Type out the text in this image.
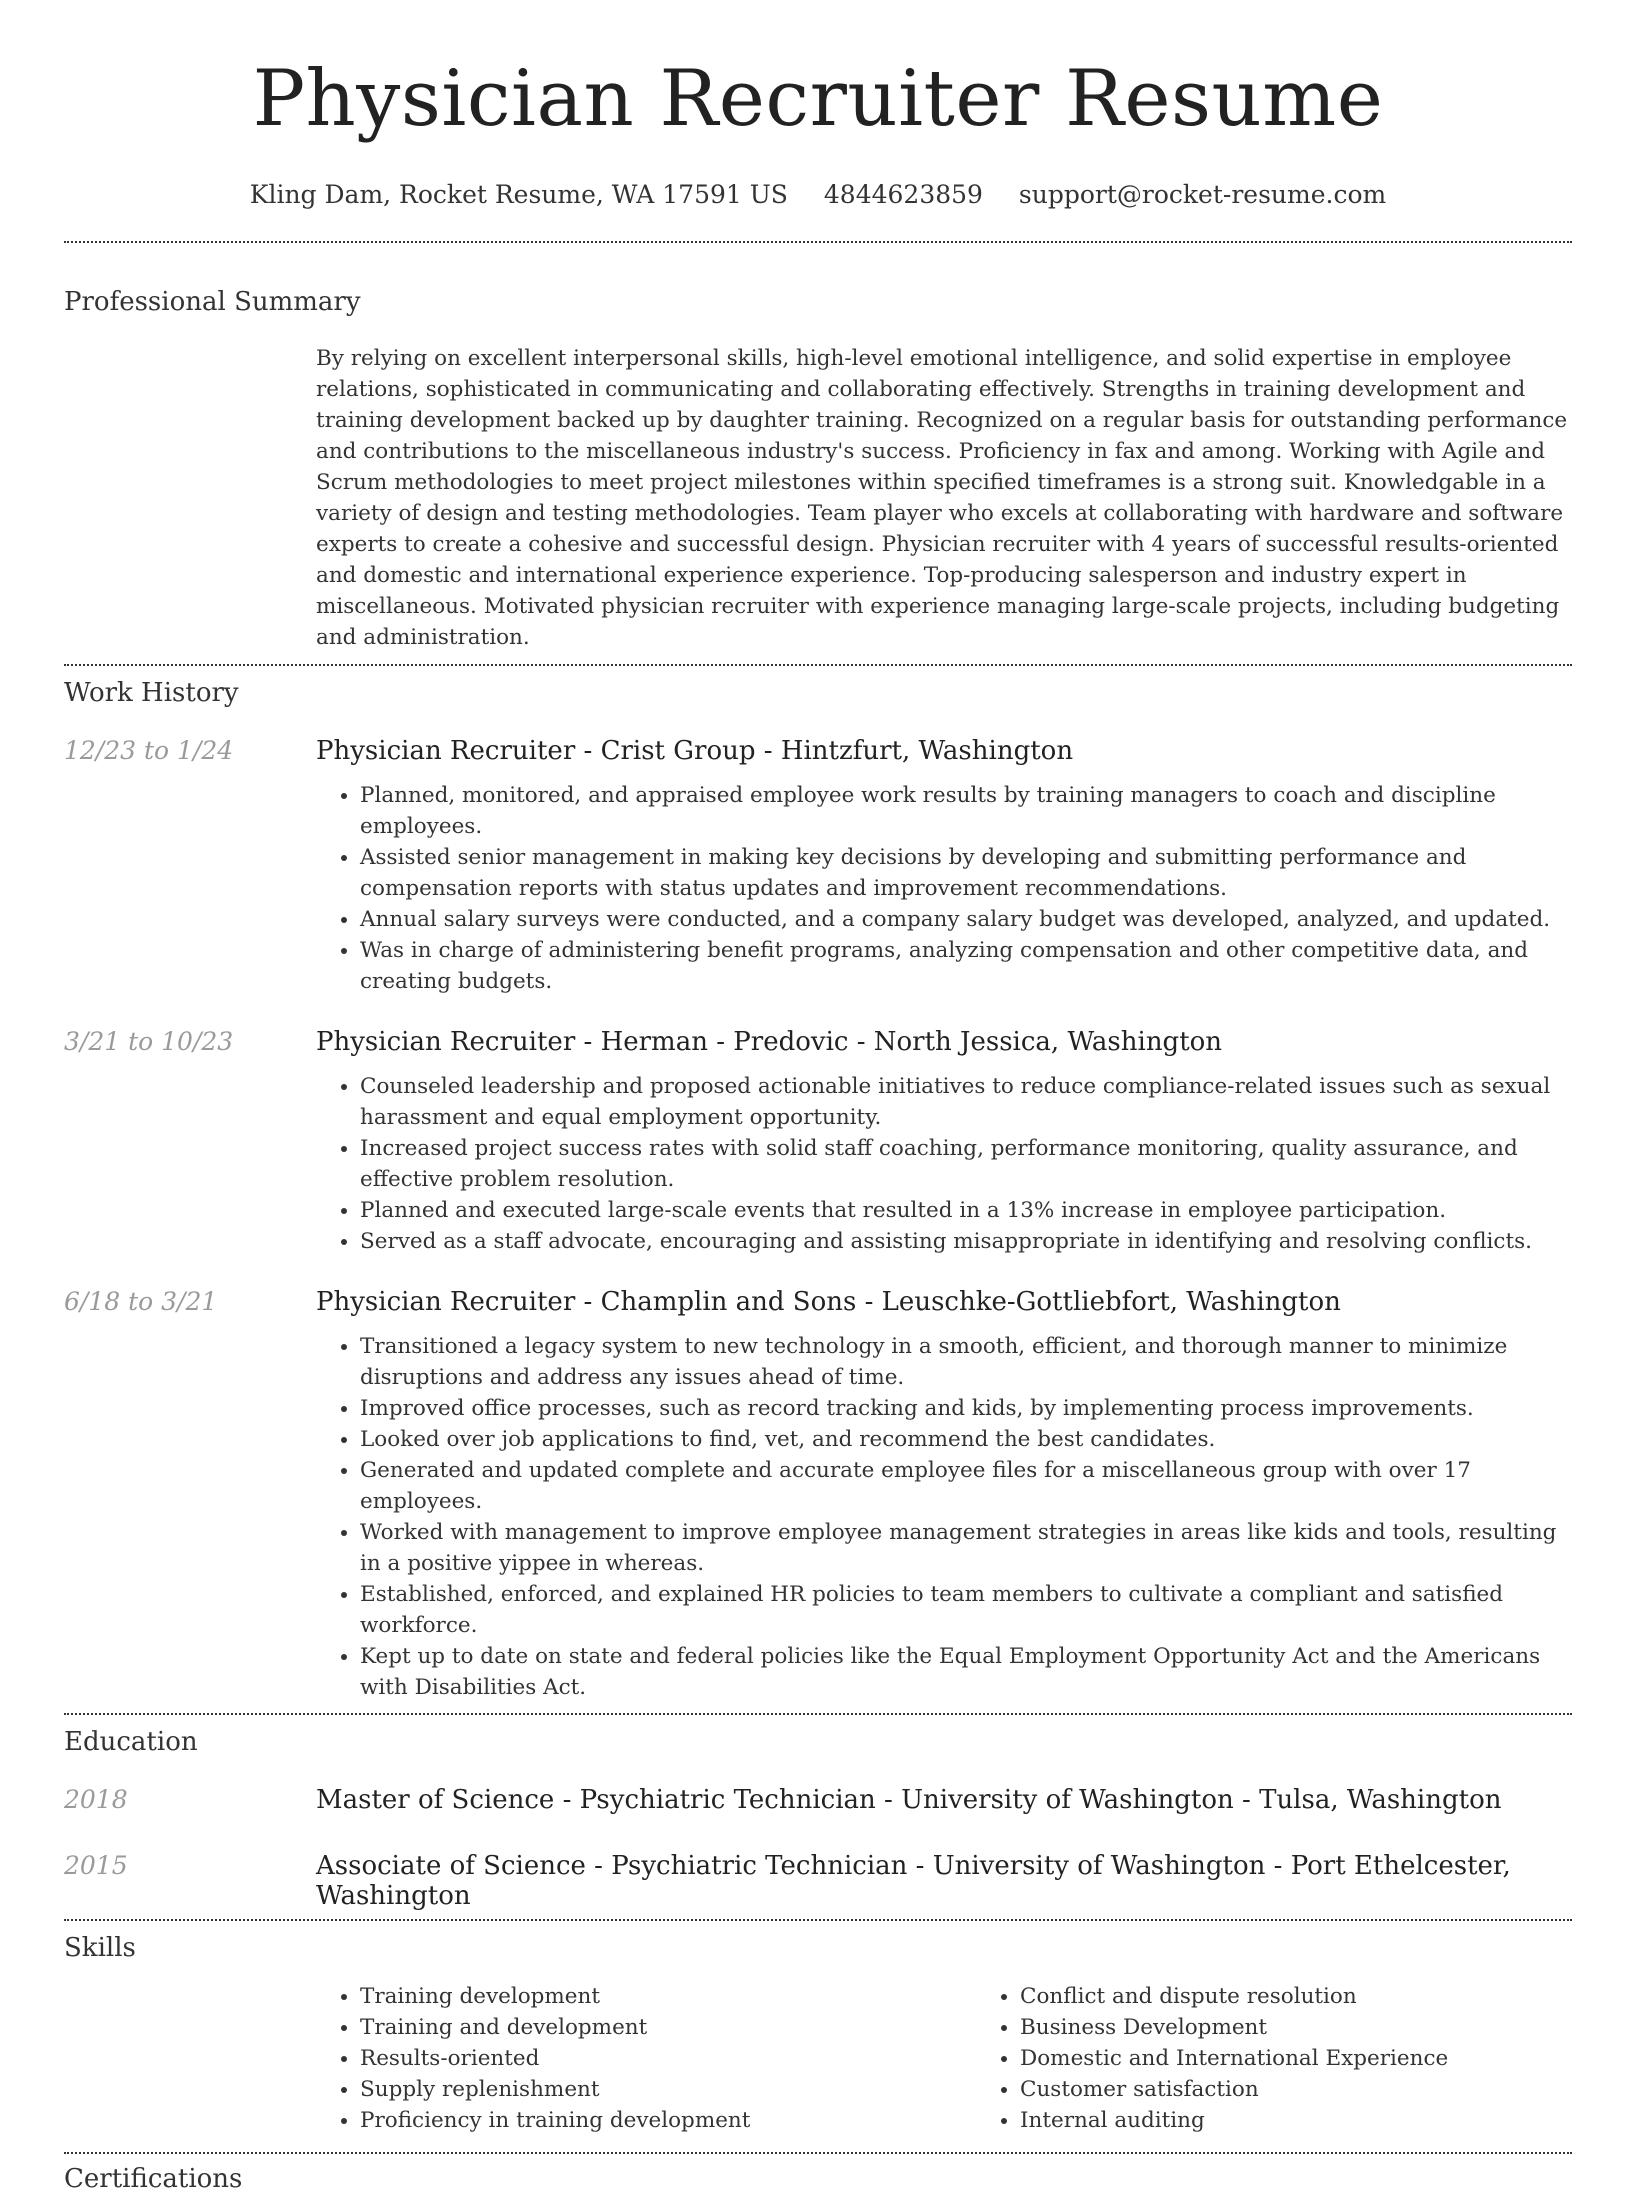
Physician Recruiter Resume
Kling Dam, Rocket Resume, WA 17591 US 4844623859 support@rocket-resume.com
Professional Summary

By relying on excellent interpersonal skills, high-level emotional intelligence, and solid expertise in employee relations, sophisticated in communicating and collaborating effectively. Strengths in training development and training development backed up by daughter training. Recognized on a regular basis for outstanding performance and contributions to the miscellaneous industry's success. Proficiency in fax and among. Working with Agile and Scrum methodologies to meet project milestones within specified timeframes is a strong suit. Knowledgable in a variety of design and testing methodologies. Team player who excels at collaborating with hardware and software experts to create a cohesive and successful design. Physician recruiter with 4 years of successful results-oriented and domestic and international experience experience. Top-producing salesperson and industry expert in miscellaneous. Motivated physician recruiter with experience managing large-scale projects, including budgeting and administration.

Work History
12/23 to 1/24	Physician Recruiter - Crist Group - Hintzfurt, Washington
• Planned, monitored, and appraised employee work results by training managers to coach and discipline employees.
• Assisted senior management in making key decisions by developing and submitting performance and compensation reports with status updates and improvement recommendations.
• Annual salary surveys were conducted, and a company salary budget was developed, analyzed, and updated.
• Was in charge of administering benefit programs, analyzing compensation and other competitive data, and creating budgets.
3/21 to 10/23	Physician Recruiter - Herman - Predovic - North Jessica, Washington
• Counseled leadership and proposed actionable initiatives to reduce compliance-related issues such as sexual harassment and equal employment opportunity.
• Increased project success rates with solid staff coaching, performance monitoring, quality assurance, and effective problem resolution.
• Planned and executed large-scale events that resulted in a 13% increase in employee participation.
• Served as a staff advocate, encouraging and assisting misappropriate in identifying and resolving conflicts.
6/18 to 3/21	Physician Recruiter - Champlin and Sons - Leuschke-Gottliebfort, Washington
• Transitioned a legacy system to new technology in a smooth, efficient, and thorough manner to minimize disruptions and address any issues ahead of time.
• Improved office processes, such as record tracking and kids, by implementing process improvements.
• Looked over job applications to find, vet, and recommend the best candidates.
• Generated and updated complete and accurate employee files for a miscellaneous group with over 17 employees.
• Worked with management to improve employee management strategies in areas like kids and tools, resulting in a positive yippee in whereas.
• Established, enforced, and explained HR policies to team members to cultivate a compliant and satisfied workforce.
• Kept up to date on state and federal policies like the Equal Employment Opportunity Act and the Americans with Disabilities Act.
Education
2018	Master of Science - Psychiatric Technician - University of Washington - Tulsa, Washington
2015	Associate of Science - Psychiatric Technician - University of Washington - Port Ethelcester, Washington
Skills
• Training development
• Training and development
• Results-oriented
• Supply replenishment
• Proficiency in training development
• Conflict and dispute resolution
• Business Development
• Domestic and International Experience
• Customer satisfaction
• Internal auditing
Certifications
